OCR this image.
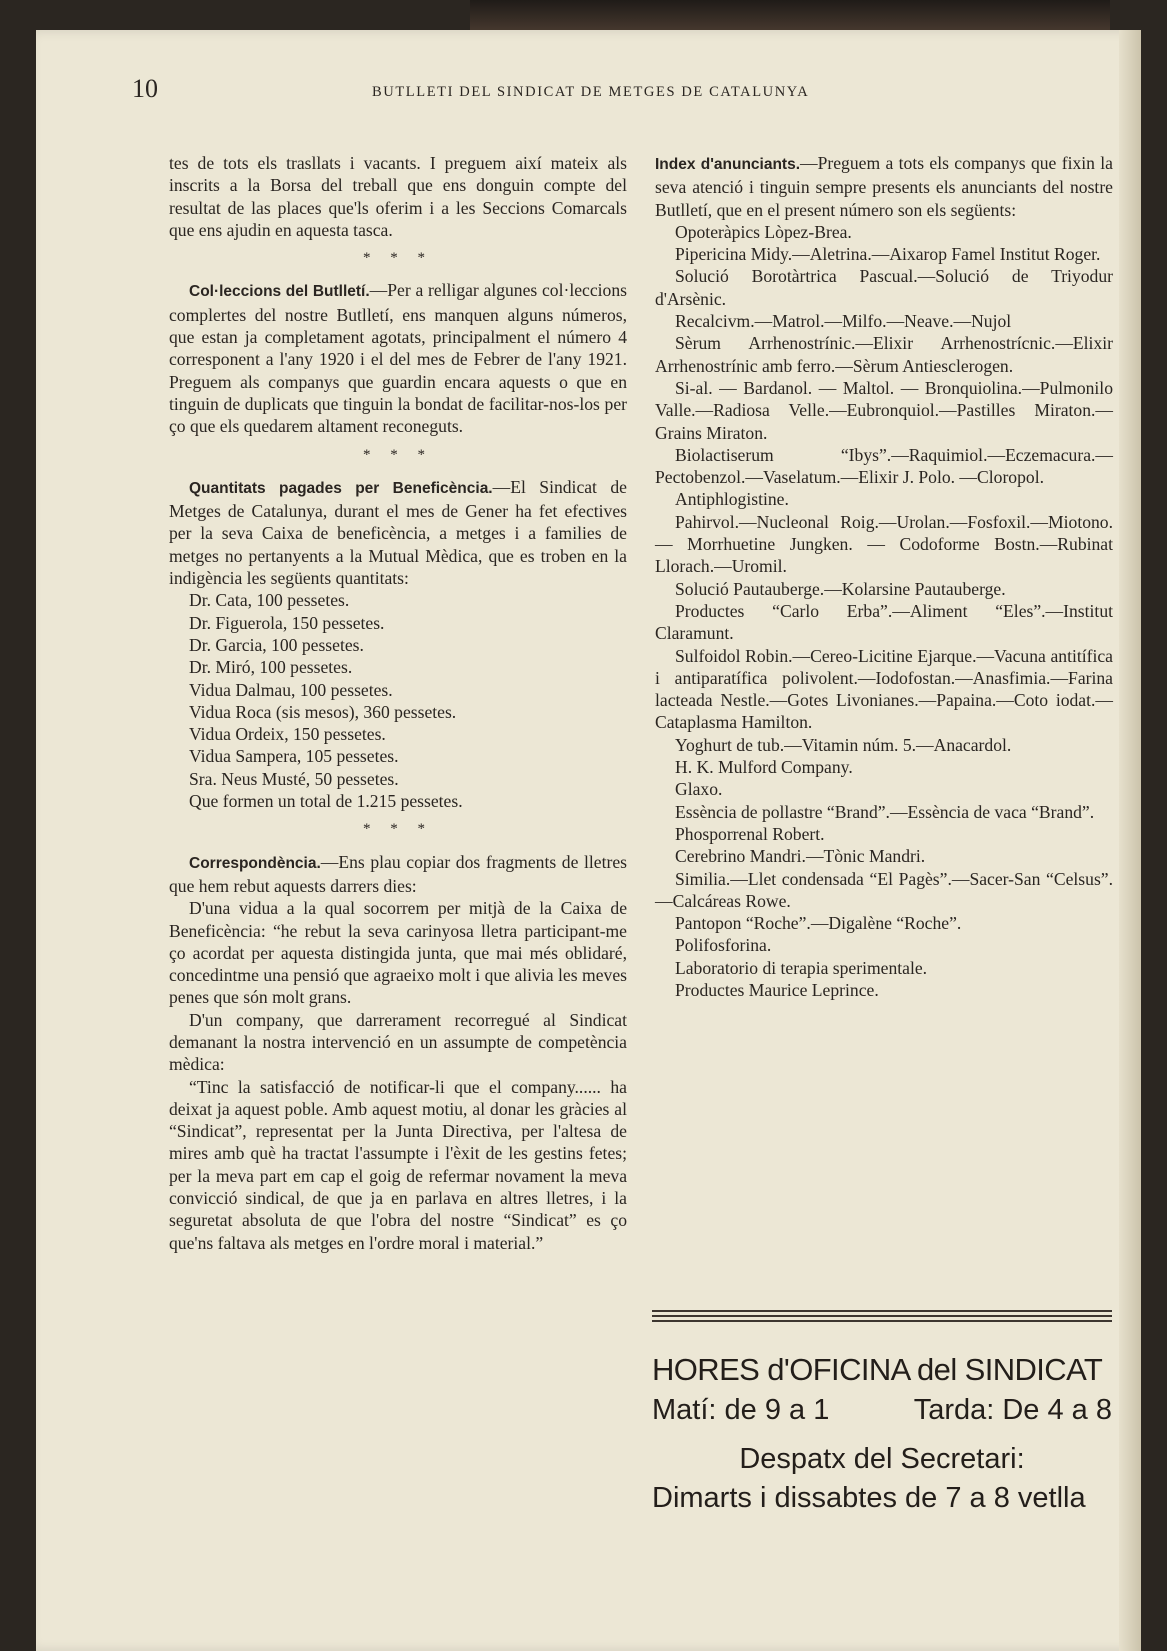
10	BUTLLETI DEL SINDICAT DE METGES DE CATALUNYA

tes de tots els trasllats i vacants. I preguem així mateix als inscrits a la Borsa del treball que ens donguin compte del resultat de las places que'ls oferim i a les Seccions Comarcals que ens ajudin en aquesta tasca.

* * *

Col·leccions del Butlletí.—Per a relligar algunes col·leccions complertes del nostre Butlletí, ens manquen alguns números, que estan ja completament agotats, principalment el número 4 corresponent a l'any 1920 i el del mes de Febrer de l'any 1921. Preguem als companys que guardin encara aquests o que en tinguin de duplicats que tinguin la bondat de facilitar-nos-los per ço que els quedarem altament reconeguts.

* * *

Quantitats pagades per Beneficència.—El Sindicat de Metges de Catalunya, durant el mes de Gener ha fet efectives per la seva Caixa de beneficència, a metges i a families de metges no pertanyents a la Mutual Mèdica, que es troben en la indigència les següents quantitats:

Dr. Cata, 100 pessetes.

Dr. Figuerola, 150 pessetes.

Dr. Garcia, 100 pessetes.

Dr. Miró, 100 pessetes.

Vidua Dalmau, 100 pessetes.

Vidua Roca (sis mesos), 360 pessetes.

Vidua Ordeix, 150 pessetes.

Vidua Sampera, 105 pessetes.

Sra. Neus Musté, 50 pessetes.

Que formen un total de 1.215 pessetes.

* * *

Correspondència.—Ens plau copiar dos fragments de lletres que hem rebut aquests darrers dies:

D'una vidua a la qual socorrem per mitjà de la Caixa de Beneficència: “he rebut la seva carinyosa lletra participant-me ço acordat per aquesta distingida junta, que mai més oblidaré, concedintme una pensió que agraeixo molt i que alivia les meves penes que són molt grans.

D'un company, que darrerament recorregué al Sindicat demanant la nostra intervenció en un assumpte de competència mèdica:

“Tinc la satisfacció de notificar-li que el company...... ha deixat ja aquest poble. Amb aquest motiu, al donar les gràcies al “Sindicat”, representat per la Junta Directiva, per l'altesa de mires amb què ha tractat l'assumpte i l'èxit de les gestins fetes; per la meva part em cap el goig de refermar novament la meva convicció sindical, de que ja en parlava en altres lletres, i la seguretat absoluta de que l'obra del nostre “Sindicat” es ço que'ns faltava als metges en l'ordre moral i material.”

Index d'anunciants.—Preguem a tots els companys que fixin la seva atenció i tinguin sempre presents els anunciants del nostre Butlletí, que en el present número son els següents:

Opoteràpics Lòpez-Brea.

Pipericina Midy.—Aletrina.—Aixarop Famel Institut Roger.

Solució Borotàrtrica Pascual.—Solució de Triyodur d'Arsènic.

Recalcivm.—Matrol.—Milfo.—Neave.—Nujol

Sèrum Arrhenostrínic.—Elixir Arrhenostrícnic.—Elixir Arrhenostrínic amb ferro.—Sèrum Antiesclerogen.

Si-al. — Bardanol. — Maltol. — Bronquiolina.—Pulmonilo Valle.—Radiosa Velle.—Eubronquiol.—Pastilles Miraton.—Grains Miraton.

Biolactiserum “Ibys”.—Raquimiol.—Eczemacura.—Pectobenzol.—Vaselatum.—Elixir J. Polo. —Cloropol.

Antiphlogistine.

Pahirvol.—Nucleonal Roig.—Urolan.—Fosfoxil.—Miotono. — Morrhuetine Jungken. — Codoforme Bostn.—Rubinat Llorach.—Uromil.

Solució Pautauberge.—Kolarsine Pautauberge.

Productes “Carlo Erba”.—Aliment “Eles”.—Institut Claramunt.

Sulfoidol Robin.—Cereo-Licitine Ejarque.—Vacuna antitífica i antiparatífica polivolent.—Iodofostan.—Anasfimia.—Farina lacteada Nestle.—Gotes Livonianes.—Papaina.—Coto iodat.—Cataplasma Hamilton.

Yoghurt de tub.—Vitamin núm. 5.—Anacardol.

H. K. Mulford Company.

Glaxo.

Essència de pollastre “Brand”.—Essència de vaca “Brand”.

Phosporrenal Robert.

Cerebrino Mandri.—Tònic Mandri.

Similia.—Llet condensada “El Pagès”.—Sacer-San “Celsus”.—Calcáreas Rowe.

Pantopon “Roche”.—Digalène “Roche”.

Polifosforina.

Laboratorio di terapia sperimentale.

Productes Maurice Leprince.

HORES d'OFICINA del SINDICAT
Matí: de 9 a 1	Tarda: De 4 a 8
Despatx del Secretari:
Dimarts i dissabtes de 7 a 8 vetlla
